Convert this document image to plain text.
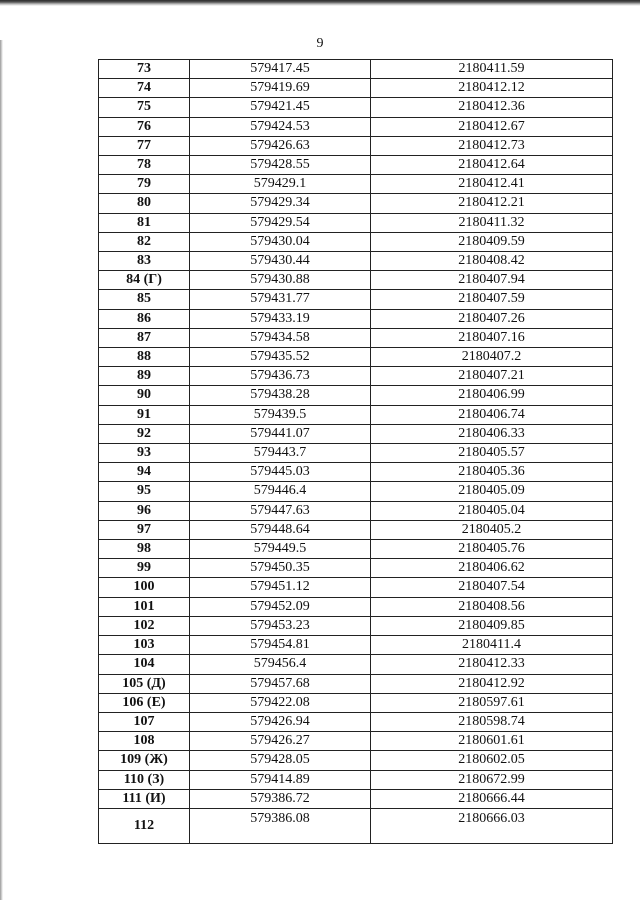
9
73	579417.45	2180411.59
74	579419.69	2180412.12
75	579421.45	2180412.36
76	579424.53	2180412.67
77	579426.63	2180412.73
78	579428.55	2180412.64
79	579429.1	2180412.41
80	579429.34	2180412.21
81	579429.54	2180411.32
82	579430.04	2180409.59
83	579430.44	2180408.42
84 (Г)	579430.88	2180407.94
85	579431.77	2180407.59
86	579433.19	2180407.26
87	579434.58	2180407.16
88	579435.52	2180407.2
89	579436.73	2180407.21
90	579438.28	2180406.99
91	579439.5	2180406.74
92	579441.07	2180406.33
93	579443.7	2180405.57
94	579445.03	2180405.36
95	579446.4	2180405.09
96	579447.63	2180405.04
97	579448.64	2180405.2
98	579449.5	2180405.76
99	579450.35	2180406.62
100	579451.12	2180407.54
101	579452.09	2180408.56
102	579453.23	2180409.85
103	579454.81	2180411.4
104	579456.4	2180412.33
105 (Д)	579457.68	2180412.92
106 (Е)	579422.08	2180597.61
107	579426.94	2180598.74
108	579426.27	2180601.61
109 (Ж)	579428.05	2180602.05
110 (З)	579414.89	2180672.99
111 (И)	579386.72	2180666.44
112	579386.08	2180666.03
